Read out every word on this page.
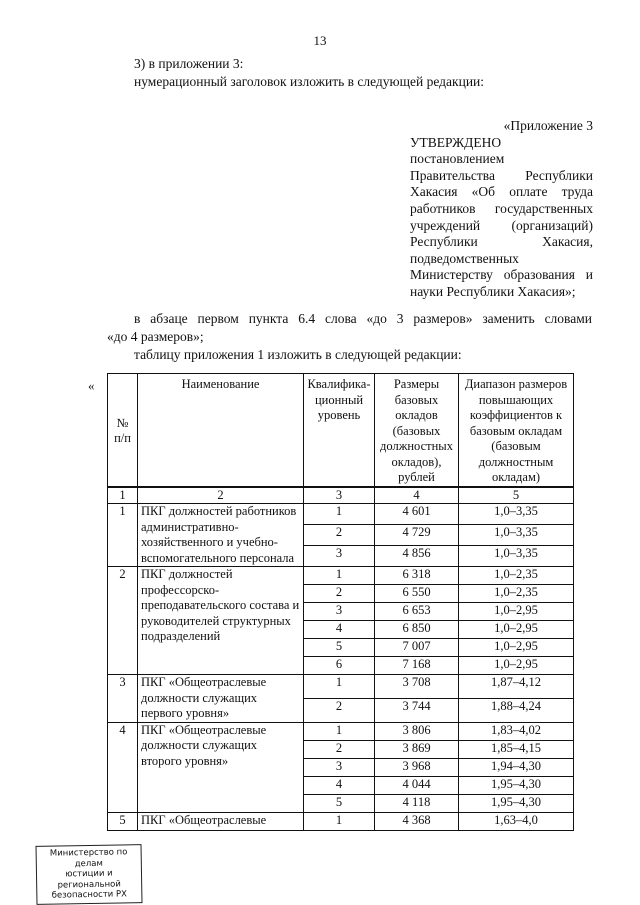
13
3) в приложении 3:
нумерационный заголовок изложить в следующей редакции:
«Приложение 3
УТВЕРЖДЕНО
постановлением
Правительства Республики
Хакасия «Об оплате труда
работников государственных
учреждений (организаций)
Республики Хакасия,
подведомственных
Министерству образования и
науки Республики Хакасия»;
в абзаце первом пункта 6.4 слова «до 3 размеров» заменить словами
«до 4 размеров»;
таблицу приложения 1 изложить в следующей редакции:
«
№ п/п	Наименование	Квалифика-ционный уровень	Размеры базовых окладов (базовых должностных окладов), рублей	Диапазон размеров повышающих коэффициентов к базовым окладам (базовым должностным окладам)
1	2	3	4	5
1	ПКГ должностей работников административно-хозяйственного и учебно-вспомогательного персонала	1	4 601	1,0–3,35
		2	4 729	1,0–3,35
		3	4 856	1,0–3,35
2	ПКГ должностей профессорско-преподавательского состава и руководителей структурных подразделений	1	6 318	1,0–2,35
		2	6 550	1,0–2,35
		3	6 653	1,0–2,95
		4	6 850	1,0–2,95
		5	7 007	1,0–2,95
		6	7 168	1,0–2,95
3	ПКГ «Общеотраслевые должности служащих первого уровня»	1	3 708	1,87–4,12
		2	3 744	1,88–4,24
4	ПКГ «Общеотраслевые должности служащих второго уровня»	1	3 806	1,83–4,02
		2	3 869	1,85–4,15
		3	3 968	1,94–4,30
		4	4 044	1,95–4,30
		5	4 118	1,95–4,30
5	ПКГ «Общеотраслевые	1	4 368	1,63–4,0
Министерство по делам
юстиции и региональной
безопасности РХ
